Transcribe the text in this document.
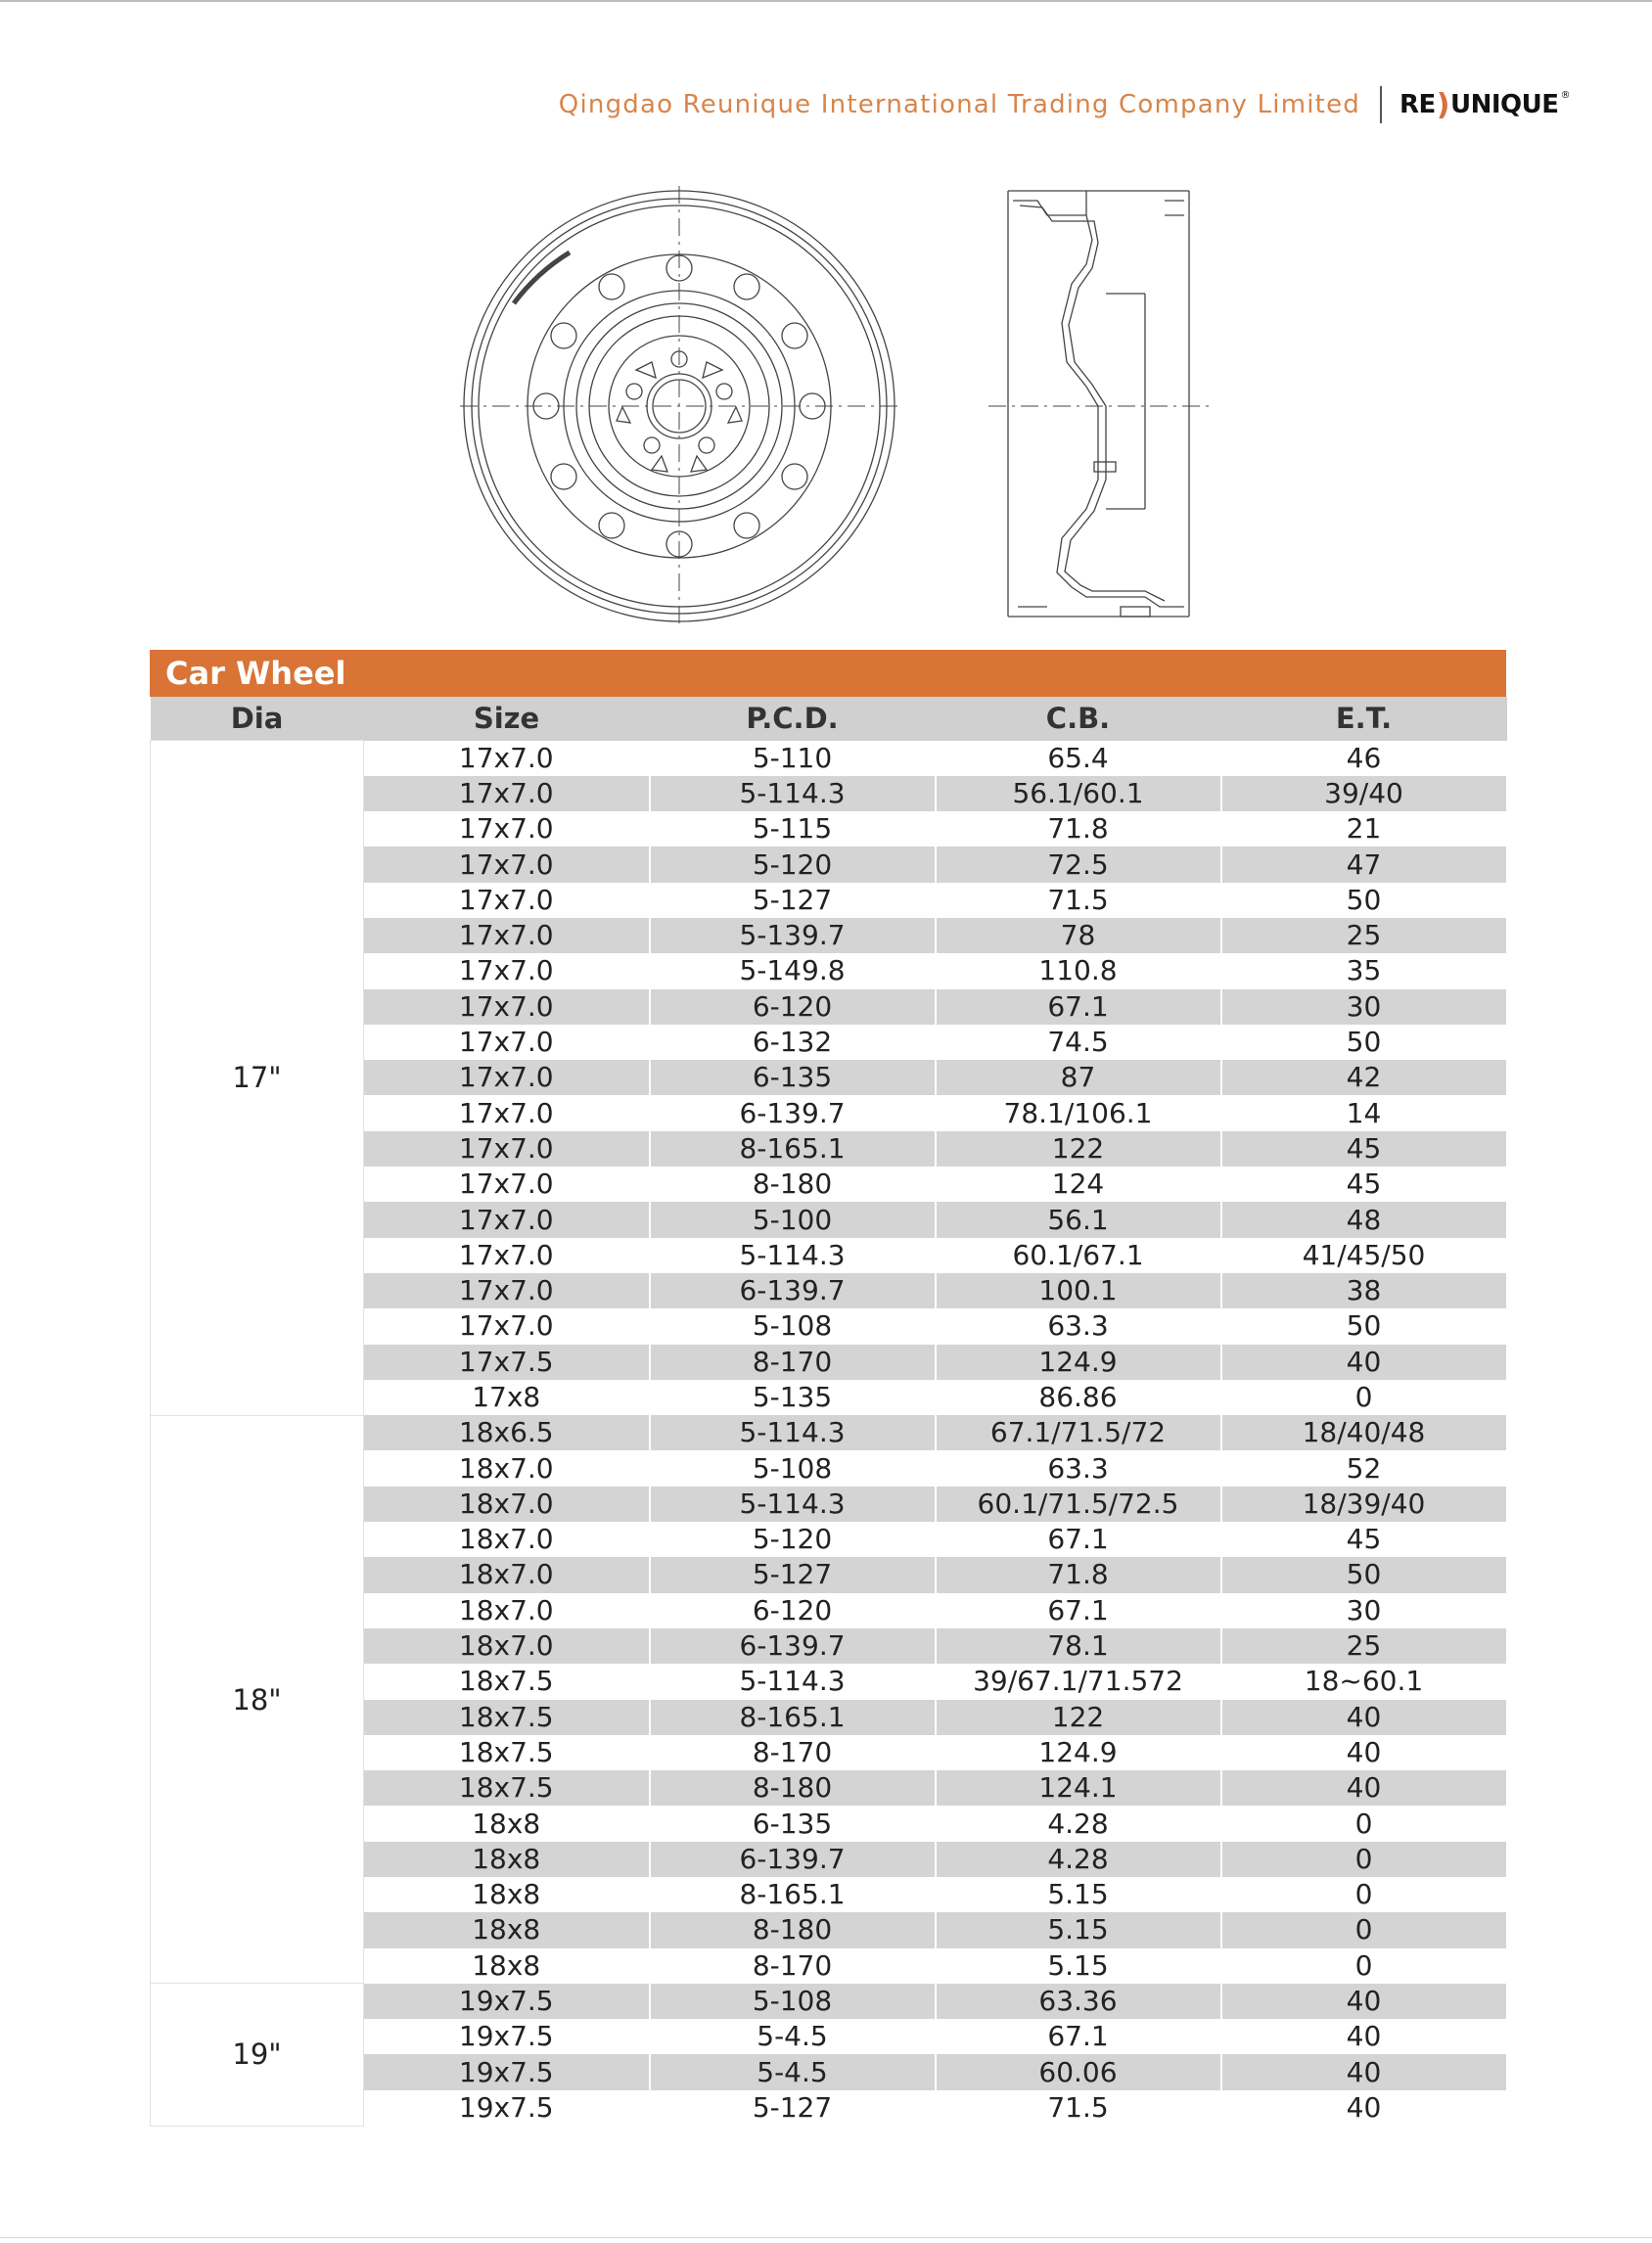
Qingdao Reunique International Trading Company Limited RE ) UNIQUE ®
Car Wheel
Dia	Size	P.C.D.	C.B.	E.T.
17"	17x7.0	5-110	65.4	46
	17x7.0	5-114.3	56.1/60.1	39/40
	17x7.0	5-115	71.8	21
	17x7.0	5-120	72.5	47
	17x7.0	5-127	71.5	50
	17x7.0	5-139.7	78	25
	17x7.0	5-149.8	110.8	35
	17x7.0	6-120	67.1	30
	17x7.0	6-132	74.5	50
	17x7.0	6-135	87	42
	17x7.0	6-139.7	78.1/106.1	14
	17x7.0	8-165.1	122	45
	17x7.0	8-180	124	45
	17x7.0	5-100	56.1	48
	17x7.0	5-114.3	60.1/67.1	41/45/50
	17x7.0	6-139.7	100.1	38
	17x7.0	5-108	63.3	50
	17x7.5	8-170	124.9	40
	17x8	5-135	86.86	0
18"	18x6.5	5-114.3	67.1/71.5/72	18/40/48
	18x7.0	5-108	63.3	52
	18x7.0	5-114.3	60.1/71.5/72.5	18/39/40
	18x7.0	5-120	67.1	45
	18x7.0	5-127	71.8	50
	18x7.0	6-120	67.1	30
	18x7.0	6-139.7	78.1	25
	18x7.5	5-114.3	39/67.1/71.572	18~60.1
	18x7.5	8-165.1	122	40
	18x7.5	8-170	124.9	40
	18x7.5	8-180	124.1	40
	18x8	6-135	4.28	0
	18x8	6-139.7	4.28	0
	18x8	8-165.1	5.15	0
	18x8	8-180	5.15	0
	18x8	8-170	5.15	0
19"	19x7.5	5-108	63.36	40
	19x7.5	5-4.5	67.1	40
	19x7.5	5-4.5	60.06	40
	19x7.5	5-127	71.5	40
